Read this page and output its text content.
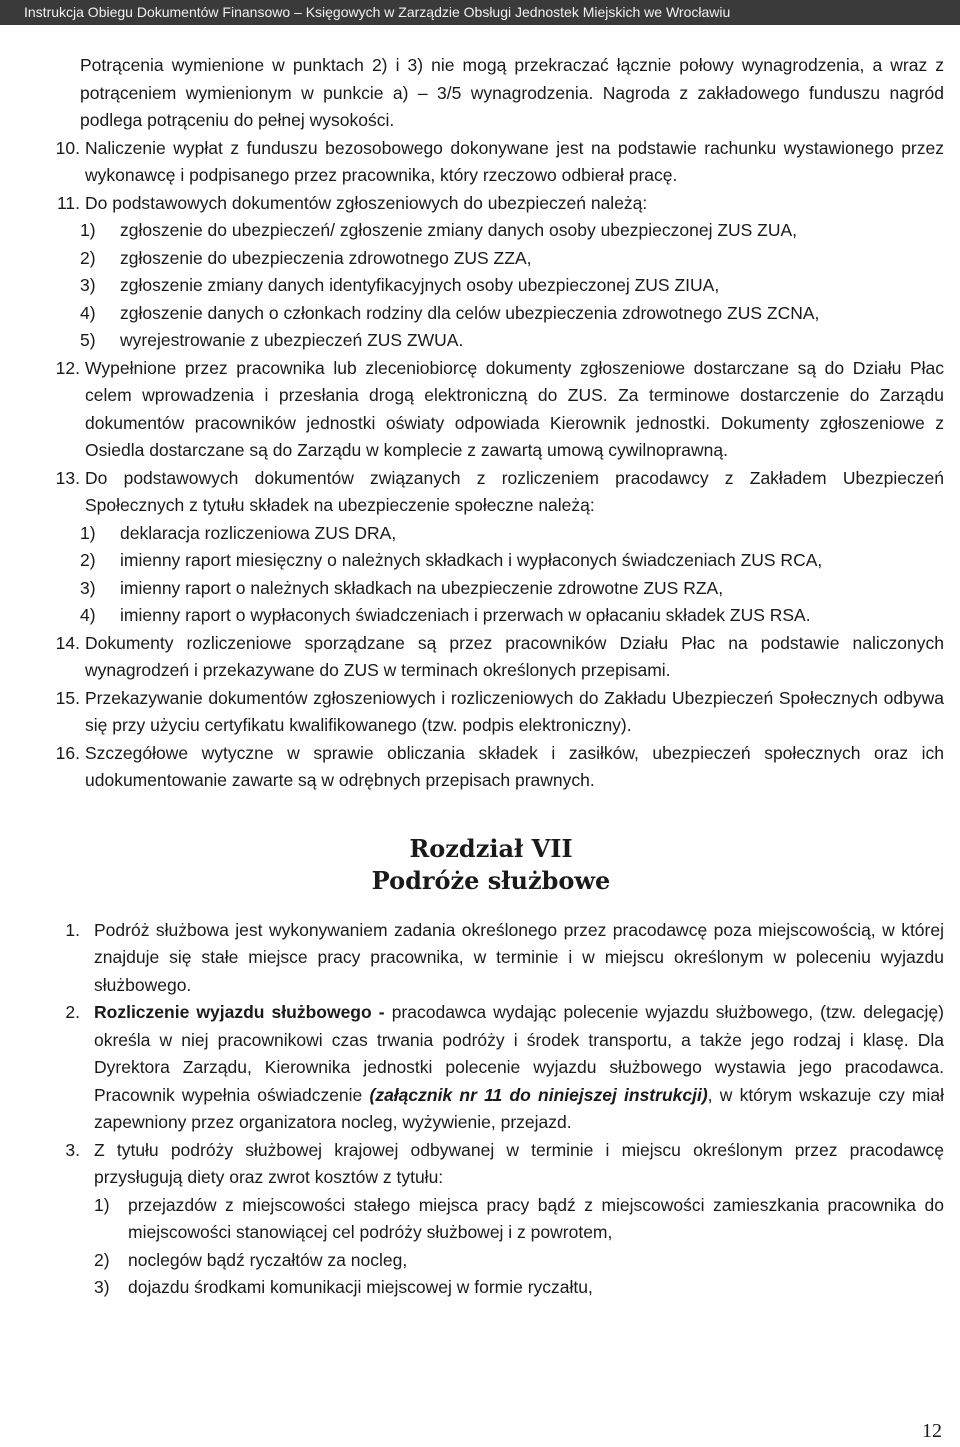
Instrukcja Obiegu Dokumentów Finansowo – Księgowych w Zarządzie Obsługi Jednostek Miejskich we Wrocławiu

Potrącenia wymienione w punktach 2) i 3) nie mogą przekraczać łącznie połowy wynagrodzenia, a wraz z potrąceniem wymienionym w punkcie a) – 3/5 wynagrodzenia. Nagroda z zakładowego funduszu nagród podlega potrąceniu do pełnej wysokości.

10. Naliczenie wypłat z funduszu bezosobowego dokonywane jest na podstawie rachunku wystawionego przez wykonawcę i podpisanego przez pracownika, który rzeczowo odbierał pracę.
11. Do podstawowych dokumentów zgłoszeniowych do ubezpieczeń należą:
1)	zgłoszenie do ubezpieczeń/ zgłoszenie zmiany danych osoby ubezpieczonej ZUS ZUA,
2)	zgłoszenie do ubezpieczenia zdrowotnego ZUS ZZA,
3)	zgłoszenie zmiany danych identyfikacyjnych osoby ubezpieczonej ZUS ZIUA,
4)	zgłoszenie danych o członkach rodziny dla celów ubezpieczenia zdrowotnego ZUS ZCNA,
5)	wyrejestrowanie z ubezpieczeń ZUS ZWUA.
12. Wypełnione przez pracownika lub zleceniobiorcę dokumenty zgłoszeniowe dostarczane są do Działu Płac celem wprowadzenia i przesłania drogą elektroniczną do ZUS. Za terminowe dostarczenie do Zarządu dokumentów pracowników jednostki oświaty odpowiada Kierownik jednostki. Dokumenty zgłoszeniowe z Osiedla dostarczane są do Zarządu w komplecie z zawartą umową cywilnoprawną.
13. Do podstawowych dokumentów związanych z rozliczeniem pracodawcy z Zakładem Ubezpieczeń Społecznych z tytułu składek na ubezpieczenie społeczne należą:
1)	deklaracja rozliczeniowa ZUS DRA,
2)	imienny raport miesięczny o należnych składkach i wypłaconych świadczeniach ZUS RCA,
3)	imienny raport o należnych składkach na ubezpieczenie zdrowotne ZUS RZA,
4)	imienny raport o wypłaconych świadczeniach i przerwach w opłacaniu składek ZUS RSA.
14. Dokumenty rozliczeniowe sporządzane są przez pracowników Działu Płac na podstawie naliczonych wynagrodzeń i przekazywane do ZUS w terminach określonych przepisami.
15. Przekazywanie dokumentów zgłoszeniowych i rozliczeniowych do Zakładu Ubezpieczeń Społecznych odbywa się przy użyciu certyfikatu kwalifikowanego (tzw. podpis elektroniczny).
16. Szczegółowe wytyczne w sprawie obliczania składek i zasiłków, ubezpieczeń społecznych oraz ich udokumentowanie zawarte są w odrębnych przepisach prawnych.
Rozdział VII
Podróże służbowe
1. Podróż służbowa jest wykonywaniem zadania określonego przez pracodawcę poza miejscowością, w której znajduje się stałe miejsce pracy pracownika, w terminie i w miejscu określonym w poleceniu wyjazdu służbowego.
2. Rozliczenie wyjazdu służbowego - pracodawca wydając polecenie wyjazdu służbowego, (tzw. delegację) określa w niej pracownikowi czas trwania podróży i środek transportu, a także jego rodzaj i klasę. Dla Dyrektora Zarządu, Kierownika jednostki polecenie wyjazdu służbowego wystawia jego pracodawca. Pracownik wypełnia oświadczenie (załącznik nr 11 do niniejszej instrukcji), w którym wskazuje czy miał zapewniony przez organizatora nocleg, wyżywienie, przejazd.
3. Z tytułu podróży służbowej krajowej odbywanej w terminie i miejscu określonym przez pracodawcę przysługują diety oraz zwrot kosztów z tytułu:
1)	przejazdów z miejscowości stałego miejsca pracy bądź z miejscowości zamieszkania pracownika do miejscowości stanowiącej cel podróży służbowej i z powrotem,
2)	noclegów bądź ryczałtów za nocleg,
3)	dojazdu środkami komunikacji miejscowej w formie ryczałtu,
12
